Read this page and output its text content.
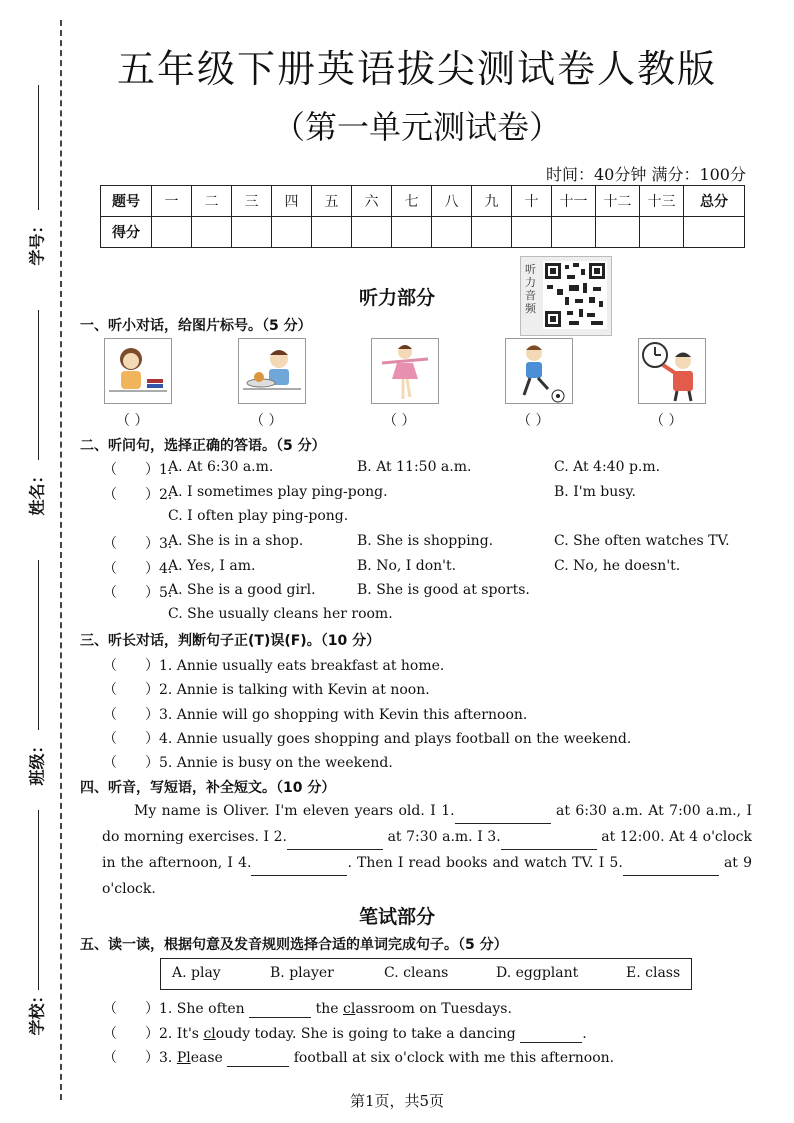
学号：
姓名：
班级：
学校：
五年级下册英语拔尖测试卷人教版
（第一单元测试卷）
时间：40分钟 满分：100分
题号	一	二	三	四	五	六	七	八	九	十	十一	十二	十三	总分
得分														
听力部分
听力音频
一、听小对话，给图片标号。（5 分）
（ ）	（ ）	（ ）	（ ）	（ ）
二、听问句，选择正确的答语。（5 分）
（ ）1.
A. At 6:30 a.m.	B. At 11:50 a.m.	C. At 4:40 p.m.
（ ）2.
A. I sometimes play ping-pong.	B. I'm busy.
C. I often play ping-pong.
（ ）3.
A. She is in a shop.	B. She is shopping.	C. She often watches TV.
（ ）4.
A. Yes, I am.	B. No, I don't.	C. No, he doesn't.
（ ）5.
A. She is a good girl.	B. She is good at sports.
C. She usually cleans her room.
三、听长对话，判断句子正(T)误(F)。（10 分）
（ ）1. Annie usually eats breakfast at home.
（ ）2. Annie is talking with Kevin at noon.
（ ）3. Annie will go shopping with Kevin this afternoon.
（ ）4. Annie usually goes shopping and plays football on the weekend.
（ ）5. Annie is busy on the weekend.
四、听音，写短语，补全短文。（10 分）
My name is Oliver. I'm eleven years old. I 1.	at 6:30 a.m. At 7:00 a.m., I do morning exercises. I 2.	at 7:30 a.m. I 3.	at 12:00. At 4 o'clock in the afternoon, I 4.	. Then I read books and watch TV. I 5.	at 9 o'clock.
笔试部分
五、读一读，根据句意及发音规则选择合适的单词完成句子。（5 分）
A. play	B. player	C. cleans	D. eggplant	E. class
（ ）1. She often	the classroom on Tuesdays.
（ ）2. It's cloudy today. She is going to take a dancing	.
（ ）3. Please	football at six o'clock with me this afternoon.
第1页，共5页
